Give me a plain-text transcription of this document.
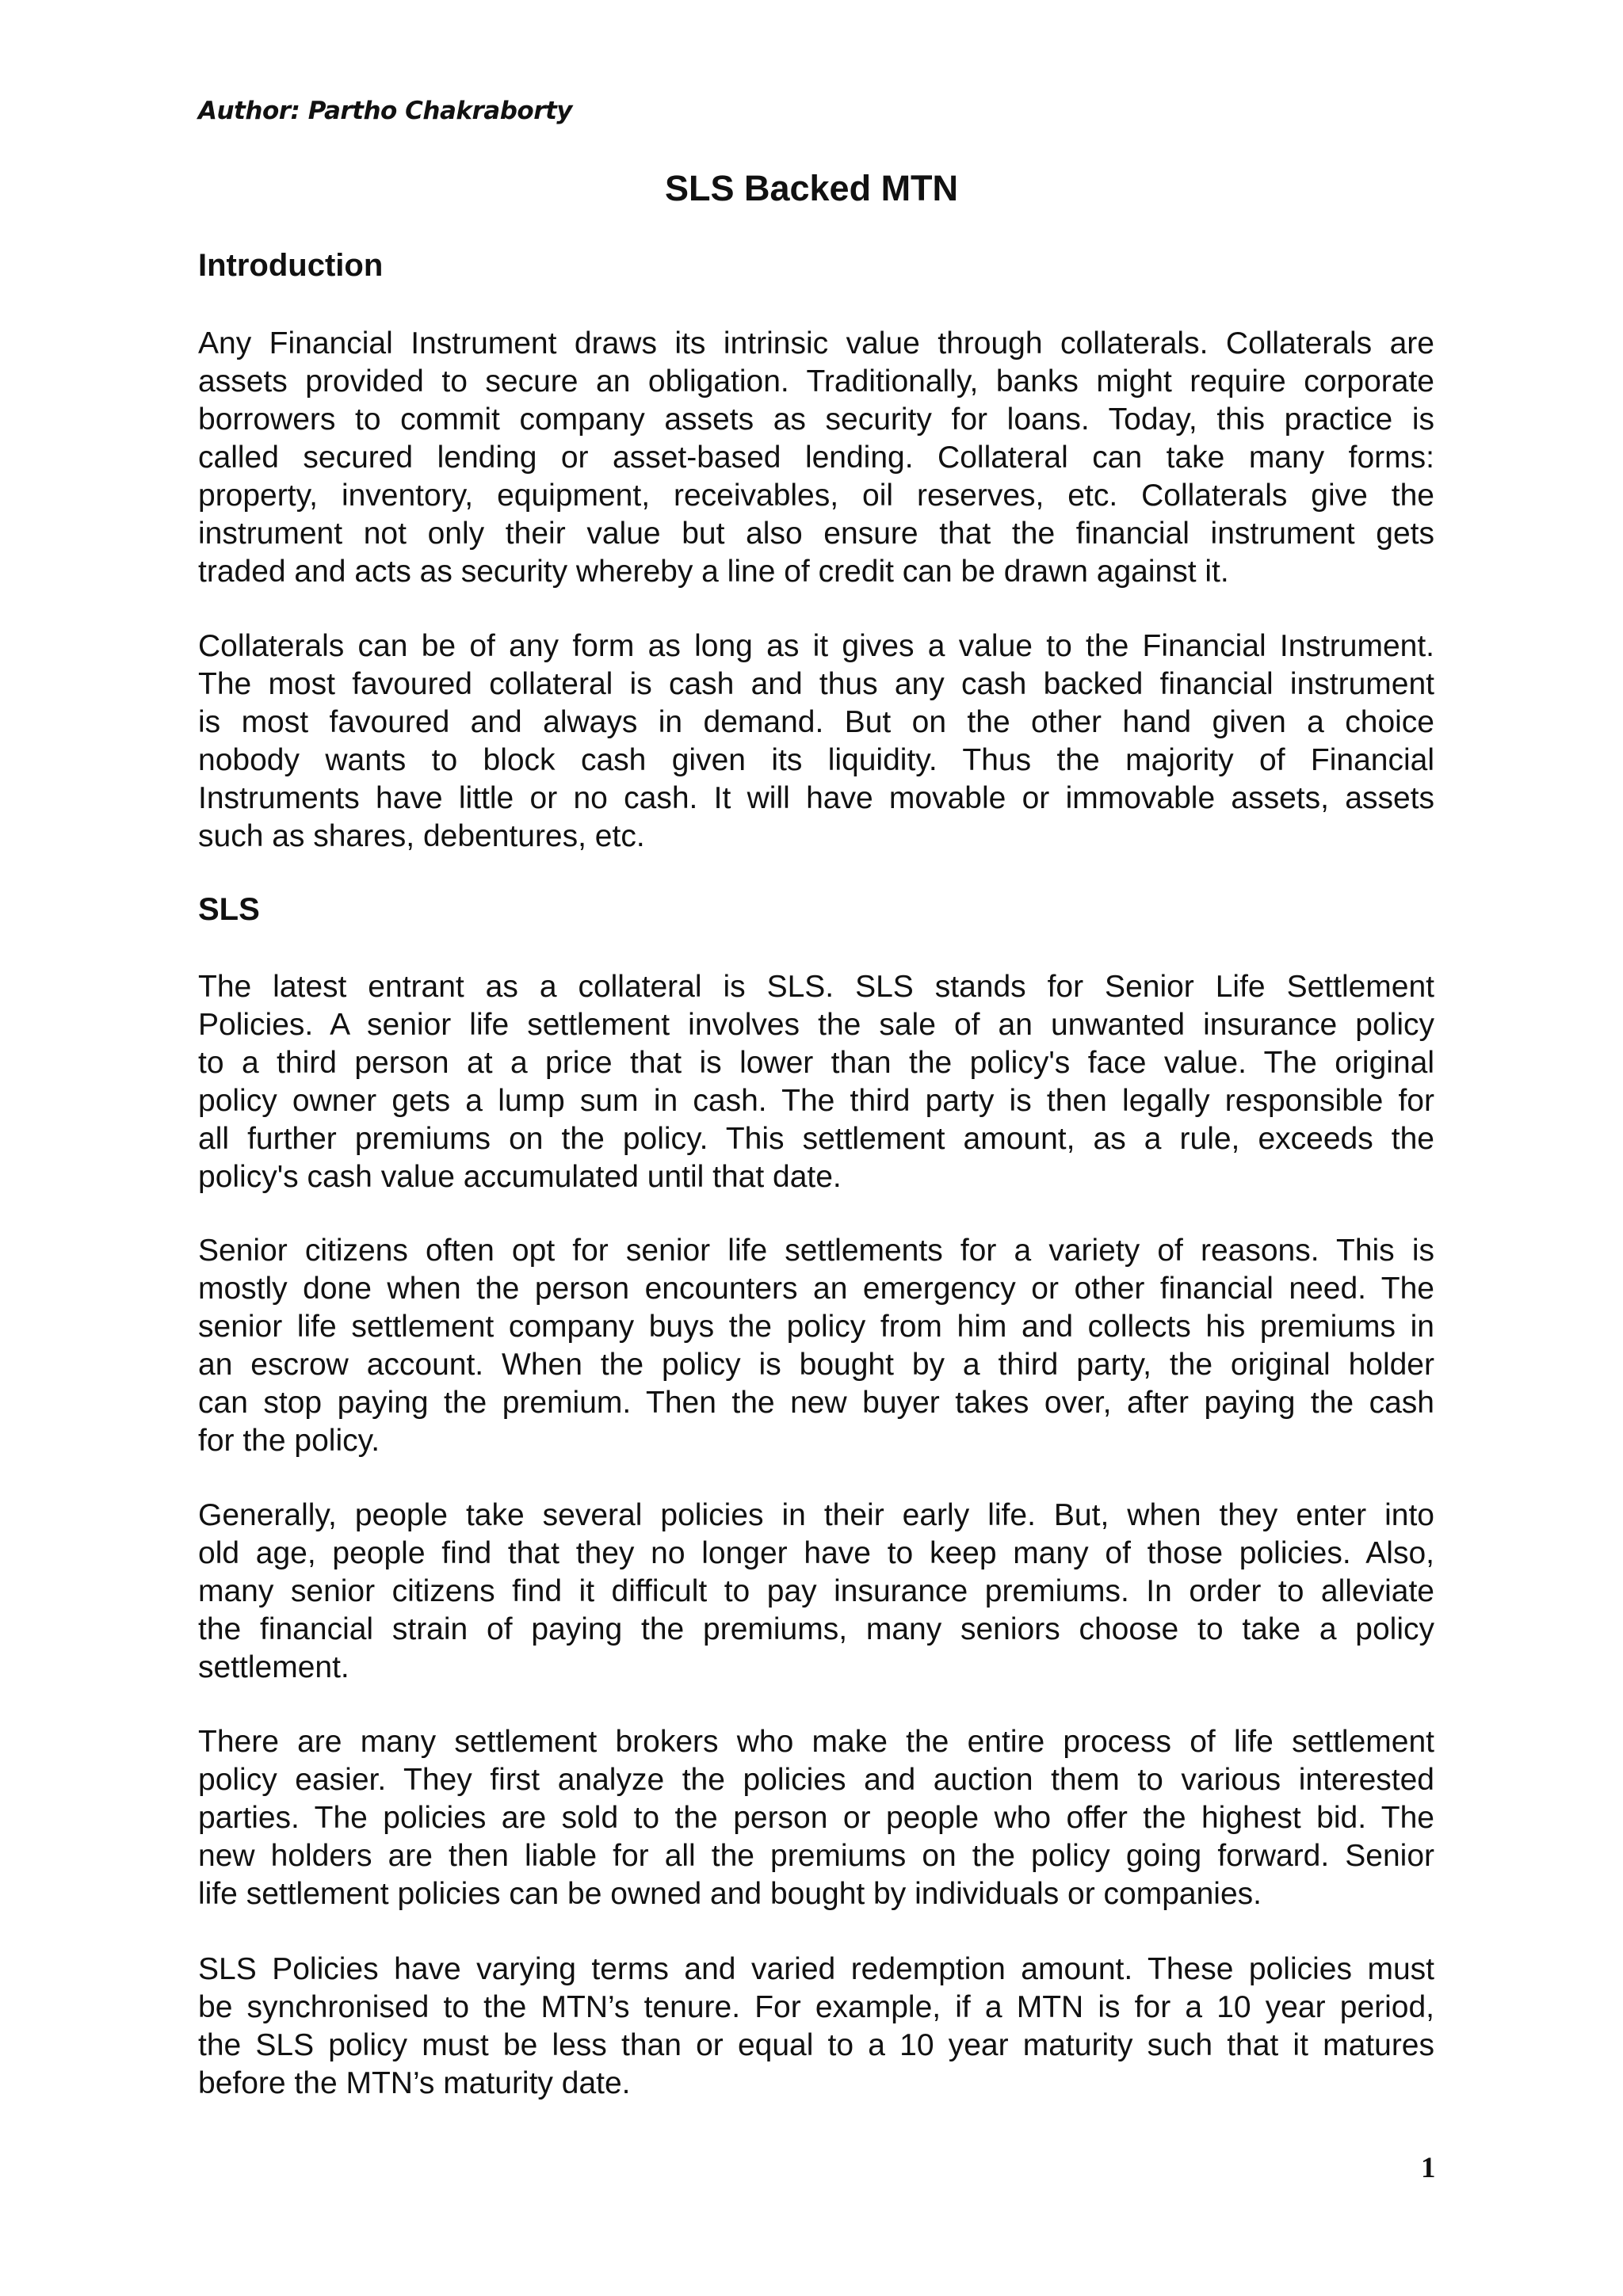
Author: Partho Chakraborty
SLS Backed MTN
Introduction
Any Financial Instrument draws its intrinsic value through collaterals. Collaterals are
assets provided to secure an obligation. Traditionally, banks might require corporate
borrowers to commit company assets as security for loans. Today, this practice is
called secured lending or asset-based lending. Collateral can take many forms:
property, inventory, equipment, receivables, oil reserves, etc. Collaterals give the
instrument not only their value but also ensure that the financial instrument gets
traded and acts as security whereby a line of credit can be drawn against it.
Collaterals can be of any form as long as it gives a value to the Financial Instrument.
The most favoured collateral is cash and thus any cash backed financial instrument
is most favoured and always in demand. But on the other hand given a choice
nobody wants to block cash given its liquidity. Thus the majority of Financial
Instruments have little or no cash. It will have movable or immovable assets, assets
such as shares, debentures, etc.
SLS
The latest entrant as a collateral is SLS. SLS stands for Senior Life Settlement
Policies. A senior life settlement involves the sale of an unwanted insurance policy
to a third person at a price that is lower than the policy's face value. The original
policy owner gets a lump sum in cash. The third party is then legally responsible for
all further premiums on the policy. This settlement amount, as a rule, exceeds the
policy's cash value accumulated until that date.
Senior citizens often opt for senior life settlements for a variety of reasons. This is
mostly done when the person encounters an emergency or other financial need. The
senior life settlement company buys the policy from him and collects his premiums in
an escrow account. When the policy is bought by a third party, the original holder
can stop paying the premium. Then the new buyer takes over, after paying the cash
for the policy.
Generally, people take several policies in their early life. But, when they enter into
old age, people find that they no longer have to keep many of those policies. Also,
many senior citizens find it difficult to pay insurance premiums. In order to alleviate
the financial strain of paying the premiums, many seniors choose to take a policy
settlement.
There are many settlement brokers who make the entire process of life settlement
policy easier. They first analyze the policies and auction them to various interested
parties. The policies are sold to the person or people who offer the highest bid. The
new holders are then liable for all the premiums on the policy going forward. Senior
life settlement policies can be owned and bought by individuals or companies.
SLS Policies have varying terms and varied redemption amount. These policies must
be synchronised to the MTN’s tenure. For example, if a MTN is for a 10 year period,
the SLS policy must be less than or equal to a 10 year maturity such that it matures
before the MTN’s maturity date.
1
